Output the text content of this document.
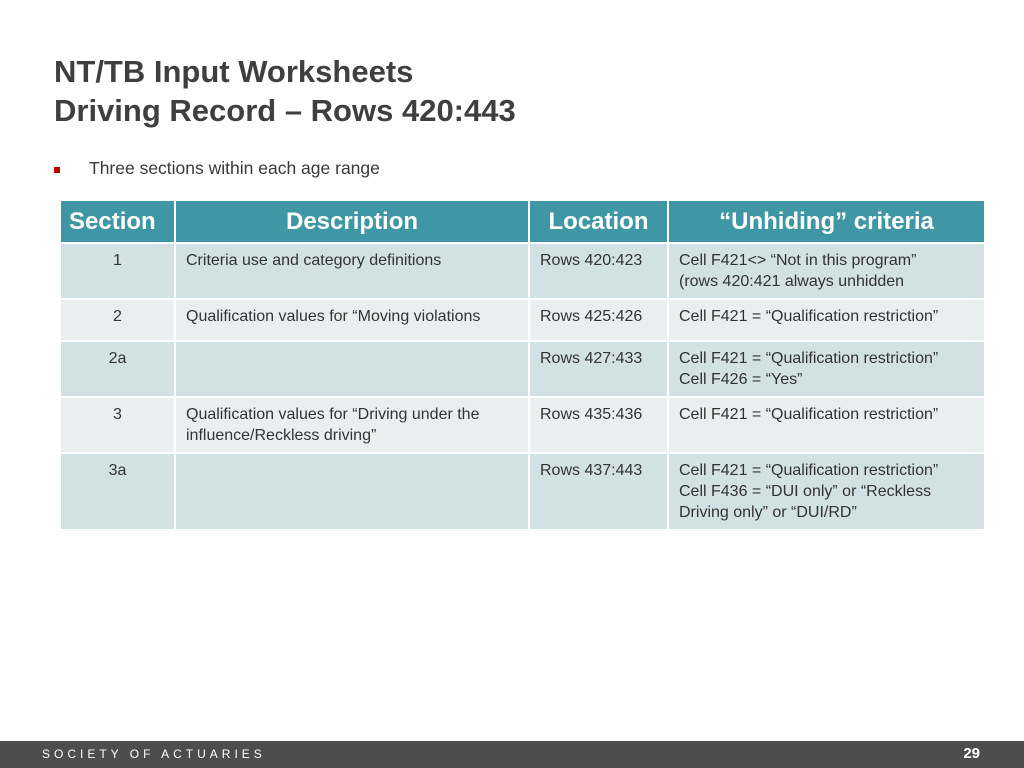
NT/TB Input Worksheets
Driving Record – Rows 420:443
Three sections within each age range
Section	Description	Location	“Unhiding” criteria
1	Criteria use and category definitions	Rows 420:423	Cell F421<> “Not in this program”
(rows 420:421 always unhidden

2	Qualification values for “Moving violations	Rows 425:426	Cell F421 = “Qualification restriction”

2a		Rows 427:433	Cell F421 = “Qualification restriction”
Cell F426 = “Yes”

3	Qualification values for “Driving under the
influence/Reckless driving”	Rows 435:436	Cell F421 = “Qualification restriction”

3a		Rows 437:443	Cell F421 = “Qualification restriction”
Cell F436 = “DUI only” or “Reckless
Driving only” or “DUI/RD”
SOCIETY OF ACTUARIES	29
